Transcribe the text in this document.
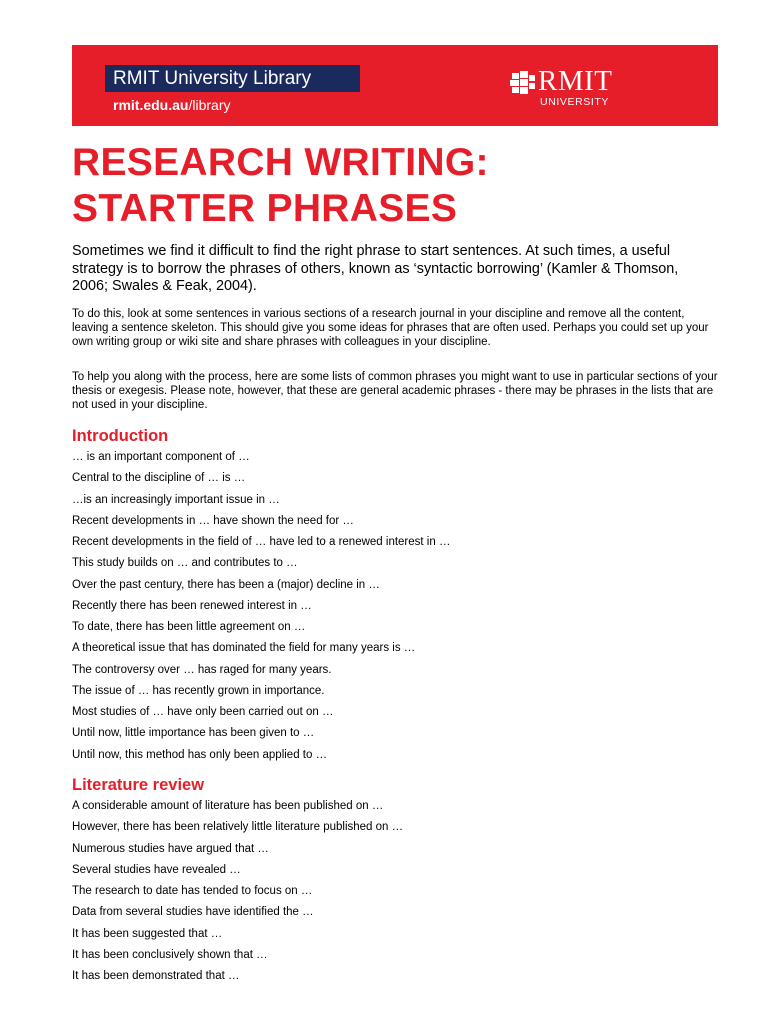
RMIT University Library
rmit.edu.au/library
RMIT
UNIVERSITY
RESEARCH WRITING:
STARTER PHRASES

Sometimes we find it difficult to find the right phrase to start sentences. At such times, a useful strategy is to borrow the phrases of others, known as ‘syntactic borrowing’ (Kamler & Thomson, 2006; Swales & Feak, 2004).

To do this, look at some sentences in various sections of a research journal in your discipline and remove all the content, leaving a sentence skeleton. This should give you some ideas for phrases that are often used. Perhaps you could set up your own writing group or wiki site and share phrases with colleagues in your discipline.

To help you along with the process, here are some lists of common phrases you might want to use in particular sections of your thesis or exegesis. Please note, however, that these are general academic phrases - there may be phrases in the lists that are not used in your discipline.

Introduction
… is an important component of …
Central to the discipline of … is …
…is an increasingly important issue in …
Recent developments in … have shown the need for …
Recent developments in the field of … have led to a renewed interest in …
This study builds on … and contributes to …
Over the past century, there has been a (major) decline in …
Recently there has been renewed interest in …
To date, there has been little agreement on …
A theoretical issue that has dominated the field for many years is …
The controversy over … has raged for many years.
The issue of … has recently grown in importance.
Most studies of … have only been carried out on …
Until now, little importance has been given to …
Until now, this method has only been applied to …
Literature review
A considerable amount of literature has been published on …
However, there has been relatively little literature published on …
Numerous studies have argued that …
Several studies have revealed …
The research to date has tended to focus on …
Data from several studies have identified the …
It has been suggested that …
It has been conclusively shown that …
It has been demonstrated that …
